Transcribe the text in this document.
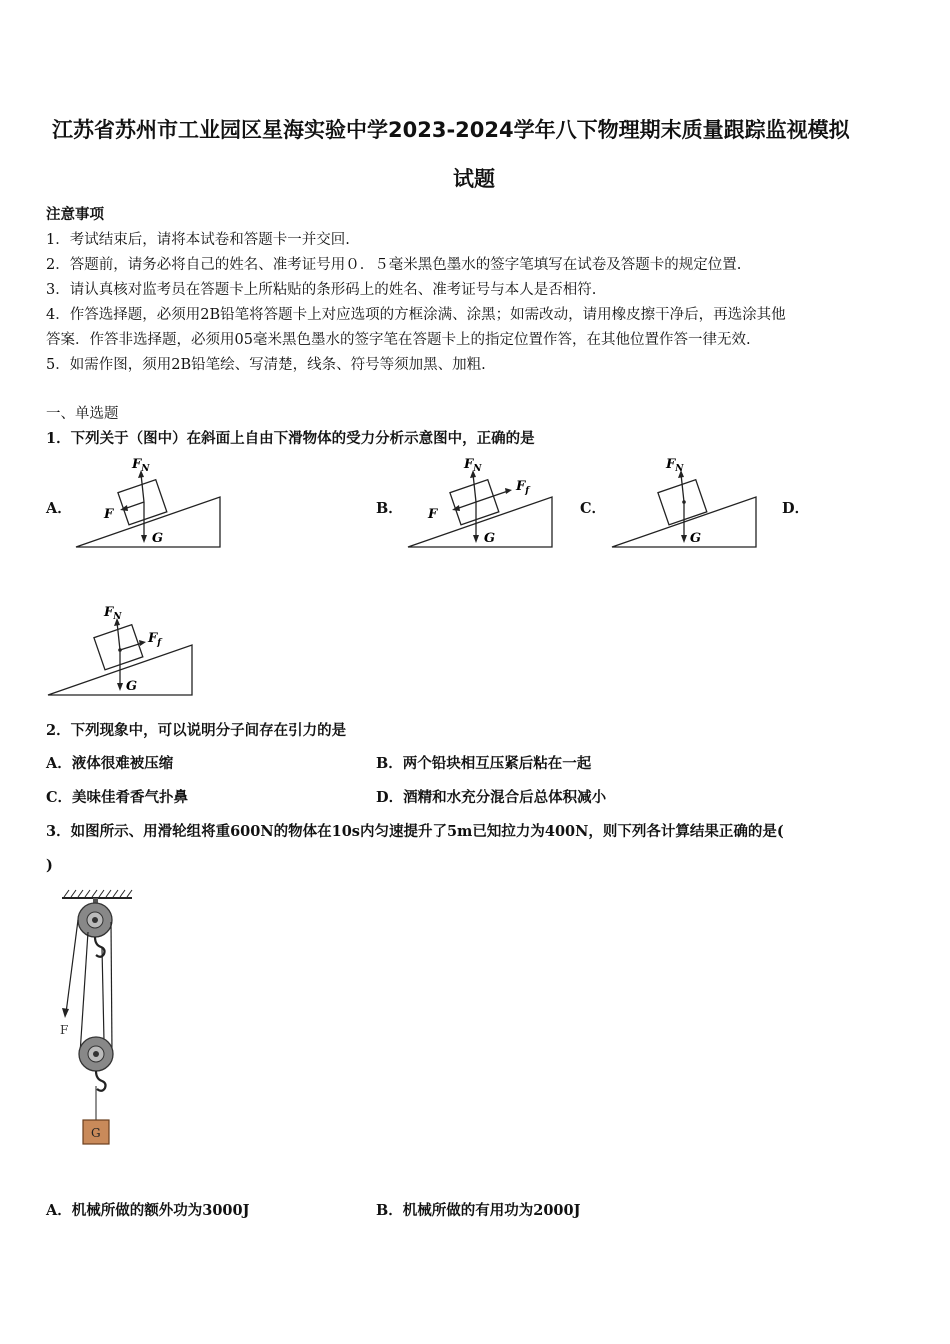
江苏省苏州市工业园区星海实验中学2023-2024学年八下物理期末质量跟踪监视模拟
试题
注意事项
1．考试结束后，请将本试卷和答题卡一并交回.
2．答题前，请务必将自己的姓名、准考证号用０．５毫米黑色墨水的签字笔填写在试卷及答题卡的规定位置.
3．请认真核对监考员在答题卡上所粘贴的条形码上的姓名、准考证号与本人是否相符.
4．作答选择题，必须用2B铅笔将答题卡上对应选项的方框涂满、涂黑；如需改动，请用橡皮擦干净后，再选涂其他
答案．作答非选择题，必须用05毫米黑色墨水的签字笔在答题卡上的指定位置作答，在其他位置作答一律无效.
5．如需作图，须用2B铅笔绘、写清楚，线条、符号等须加黑、加粗.
一、单选题
1．下列关于（图中）在斜面上自由下滑物体的受力分析示意图中，正确的是
A．	B．	C．	D．
$F_N$
F
G
$F_N$
$F_f$
F
G
$F_N$
G
$F_N$
$F_f$
G
2．下列现象中，可以说明分子间存在引力的是
A．液体很难被压缩	B．两个铅块相互压紧后粘在一起
C．美味佳肴香气扑鼻	D．酒精和水充分混合后总体积减小
3．如图所示、用滑轮组将重600N的物体在10s内匀速提升了5m已知拉力为400N，则下列各计算结果正确的是(
)
F
G
A．机械所做的额外功为3000J	B．机械所做的有用功为2000J
